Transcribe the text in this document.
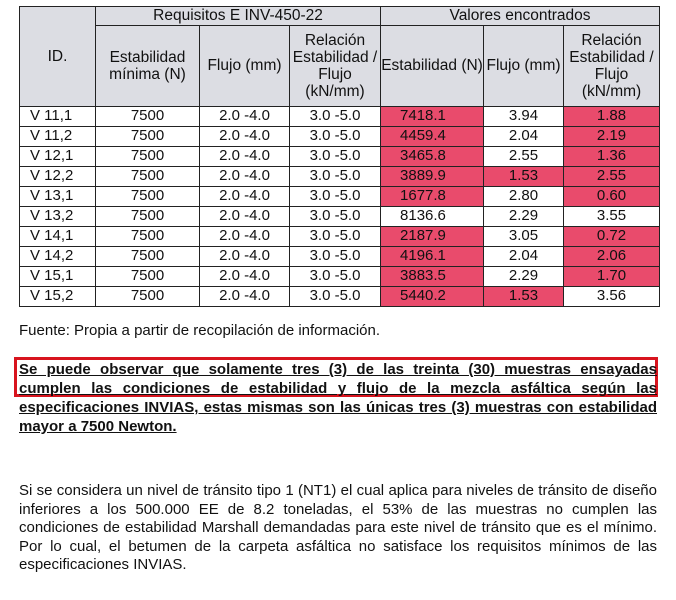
ID.	Requisitos E INV-450-22			Valores encontrados		
	Estabilidad mínima (N)	Flujo (mm)	Relación Estabilidad / Flujo (kN/mm)	Estabilidad (N)	Flujo (mm)	Relación Estabilidad / Flujo (kN/mm)
V 11,1	7500	2.0 -4.0	3.0 -5.0	7418.1	3.94	1.88
V 11,2	7500	2.0 -4.0	3.0 -5.0	4459.4	2.04	2.19
V 12,1	7500	2.0 -4.0	3.0 -5.0	3465.8	2.55	1.36
V 12,2	7500	2.0 -4.0	3.0 -5.0	3889.9	1.53	2.55
V 13,1	7500	2.0 -4.0	3.0 -5.0	1677.8	2.80	0.60
V 13,2	7500	2.0 -4.0	3.0 -5.0	8136.6	2.29	3.55
V 14,1	7500	2.0 -4.0	3.0 -5.0	2187.9	3.05	0.72
V 14,2	7500	2.0 -4.0	3.0 -5.0	4196.1	2.04	2.06
V 15,1	7500	2.0 -4.0	3.0 -5.0	3883.5	2.29	1.70
V 15,2	7500	2.0 -4.0	3.0 -5.0	5440.2	1.53	3.56
Fuente: Propia a partir de recopilación de información.
Se puede observar que solamente tres (3) de las treinta (30) muestras ensayadas cumplen las condiciones de estabilidad y flujo de la mezcla asfáltica según las especificaciones INVIAS, estas mismas son las únicas tres (3) muestras con estabilidad mayor a 7500 Newton.
Si se considera un nivel de tránsito tipo 1 (NT1) el cual aplica para niveles de tránsito de diseño inferiores a los 500.000 EE de 8.2 toneladas, el 53% de las muestras no cumplen las condiciones de estabilidad Marshall demandadas para este nivel de tránsito que es el mínimo. Por lo cual, el betumen de la carpeta asfáltica no satisface los requisitos mínimos de las especificaciones INVIAS.
